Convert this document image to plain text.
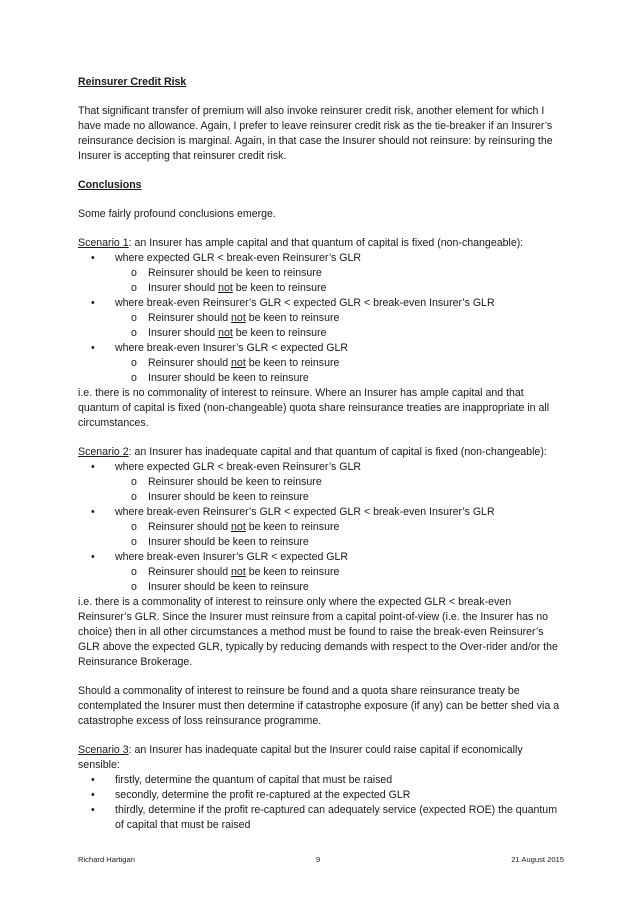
Reinsurer Credit Risk

That significant transfer of premium will also invoke reinsurer credit risk, another element for which I have made no allowance. Again, I prefer to leave reinsurer credit risk as the tie-breaker if an Insurer’s reinsurance decision is marginal. Again, in that case the Insurer should not reinsure: by reinsuring the Insurer is accepting that reinsurer credit risk.

Conclusions

Some fairly profound conclusions emerge.

Scenario 1: an Insurer has ample capital and that quantum of capital is fixed (non-changeable):

• where expected GLR < break-even Reinsurer’s GLR
o Reinsurer should be keen to reinsure
o Insurer should not be keen to reinsure
• where break-even Reinsurer’s GLR < expected GLR < break-even Insurer’s GLR
o Reinsurer should not be keen to reinsure
o Insurer should not be keen to reinsure
• where break-even Insurer’s GLR < expected GLR
o Reinsurer should not be keen to reinsure
o Insurer should be keen to reinsure

i.e. there is no commonality of interest to reinsure. Where an Insurer has ample capital and that quantum of capital is fixed (non-changeable) quota share reinsurance treaties are inappropriate in all circumstances.

Scenario 2: an Insurer has inadequate capital and that quantum of capital is fixed (non-changeable):

• where expected GLR < break-even Reinsurer’s GLR
o Reinsurer should be keen to reinsure
o Insurer should be keen to reinsure
• where break-even Reinsurer’s GLR < expected GLR < break-even Insurer’s GLR
o Reinsurer should not be keen to reinsure
o Insurer should be keen to reinsure
• where break-even Insurer’s GLR < expected GLR
o Reinsurer should not be keen to reinsure
o Insurer should be keen to reinsure

i.e. there is a commonality of interest to reinsure only where the expected GLR < break-even Reinsurer’s GLR. Since the Insurer must reinsure from a capital point-of-view (i.e. the Insurer has no choice) then in all other circumstances a method must be found to raise the break-even Reinsurer’s GLR above the expected GLR, typically by reducing demands with respect to the Over-rider and/or the Reinsurance Brokerage.

Should a commonality of interest to reinsure be found and a quota share reinsurance treaty be contemplated the Insurer must then determine if catastrophe exposure (if any) can be better shed via a catastrophe excess of loss reinsurance programme.

Scenario 3: an Insurer has inadequate capital but the Insurer could raise capital if economically sensible:

• firstly, determine the quantum of capital that must be raised
• secondly, determine the profit re-captured at the expected GLR
• thirdly, determine if the profit re-captured can adequately service (expected ROE) the quantum of capital that must be raised
Richard Hartigan	9	21 August 2015
